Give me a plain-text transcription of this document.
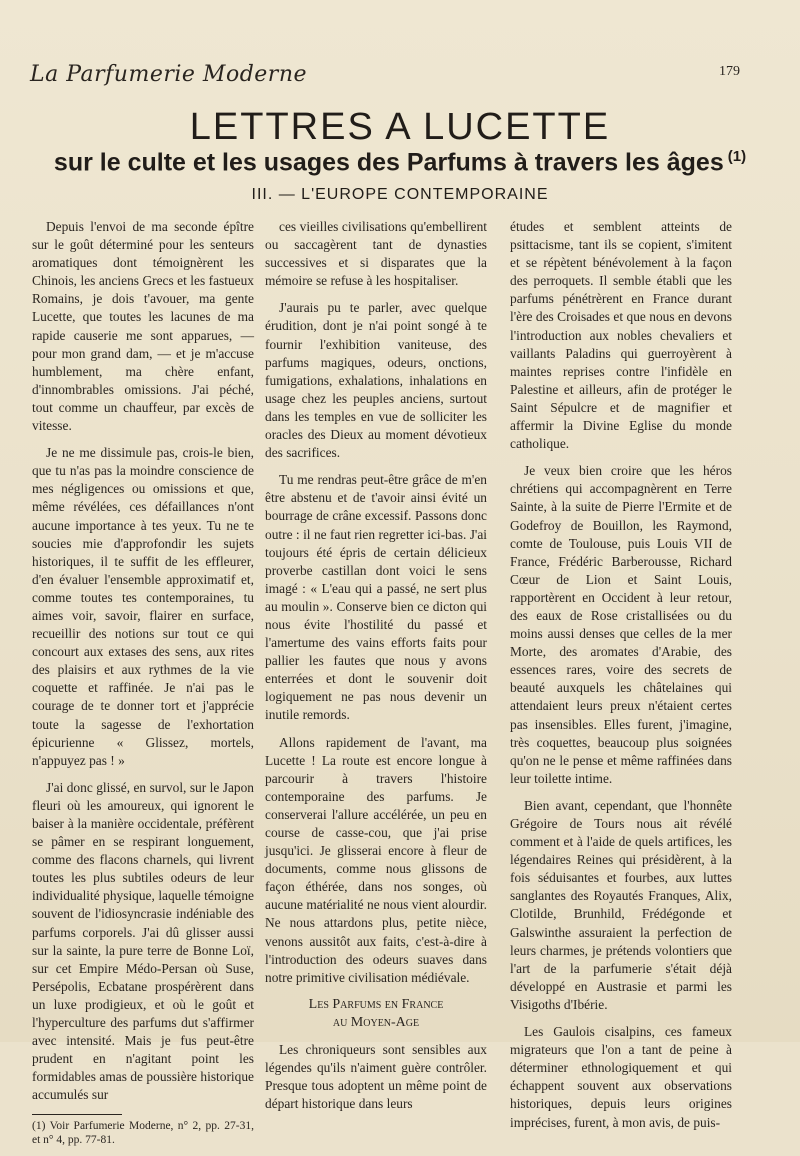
La Parfumerie Moderne	179
LETTRES A LUCETTE
sur le culte et les usages des Parfums à travers les âges $^{(1)}$
III. — L'EUROPE CONTEMPORAINE

Depuis l'envoi de ma seconde épître sur le goût déterminé pour les senteurs aromatiques dont témoignèrent les Chinois, les anciens Grecs et les fastueux Romains, je dois t'avouer, ma gente Lucette, que toutes les lacunes de ma rapide causerie me sont apparues, — pour mon grand dam, — et je m'accuse humblement, ma chère enfant, d'innombrables omissions. J'ai péché, tout comme un chauffeur, par excès de vitesse.

Je ne me dissimule pas, crois-le bien, que tu n'as pas la moindre conscience de mes négligences ou omissions et que, même révélées, ces défaillances n'ont aucune importance à tes yeux. Tu ne te soucies mie d'approfondir les sujets historiques, il te suffit de les effleurer, d'en évaluer l'ensemble approximatif et, comme toutes tes contemporaines, tu aimes voir, savoir, flairer en surface, recueillir des notions sur tout ce qui concourt aux extases des sens, aux rites des plaisirs et aux rythmes de la vie coquette et raffinée. Je n'ai pas le courage de te donner tort et j'apprécie toute la sagesse de l'exhortation épicurienne « Glissez, mortels, n'appuyez pas ! »

J'ai donc glissé, en survol, sur le Japon fleuri où les amoureux, qui ignorent le baiser à la manière occidentale, préfèrent se pâmer en se respirant longuement, comme des flacons charnels, qui livrent toutes les plus subtiles odeurs de leur individualité physique, laquelle témoigne souvent de l'idiosyncrasie indéniable des parfums corporels. J'ai dû glisser aussi sur la sainte, la pure terre de Bonne Loï, sur cet Empire Médo-Persan où Suse, Persépolis, Ecbatane prospérèrent dans un luxe prodigieux, et où le goût et l'hyperculture des parfums dut s'affirmer avec intensité. Mais je fus peut-être prudent en n'agitant point les formidables amas de poussière historique accumulés sur

(1) Voir Parfumerie Moderne, n° 2, pp. 27-31, et n° 4, pp. 77-81.

ces vieilles civilisations qu'embellirent ou saccagèrent tant de dynasties successives et si disparates que la mémoire se refuse à les hospitaliser.

J'aurais pu te parler, avec quelque érudition, dont je n'ai point songé à te fournir l'exhibition vaniteuse, des parfums magiques, odeurs, onctions, fumigations, exhalations, inhalations en usage chez les peuples anciens, surtout dans les temples en vue de solliciter les oracles des Dieux au moment dévotieux des sacrifices.

Tu me rendras peut-être grâce de m'en être abstenu et de t'avoir ainsi évité un bourrage de crâne excessif. Passons donc outre : il ne faut rien regretter ici-bas. J'ai toujours été épris de certain délicieux proverbe castillan dont voici le sens imagé : « L'eau qui a passé, ne sert plus au moulin ». Conserve bien ce dicton qui nous évite l'hostilité du passé et l'amertume des vains efforts faits pour pallier les fautes que nous y avons enterrées et dont le souvenir doit logiquement ne pas nous devenir un inutile remords.

Allons rapidement de l'avant, ma Lucette ! La route est encore longue à parcourir à travers l'histoire contemporaine des parfums. Je conserverai l'allure accélérée, un peu en course de casse-cou, que j'ai prise jusqu'ici. Je glisserai encore à fleur de documents, comme nous glissons de façon éthérée, dans nos songes, où aucune matérialité ne nous vient alourdir. Ne nous attardons plus, petite nièce, venons aussitôt aux faits, c'est-à-dire à l'introduction des odeurs suaves dans notre primitive civilisation médiévale.

Les Parfums en France
au Moyen-Age

Les chroniqueurs sont sensibles aux légendes qu'ils n'aiment guère contrôler. Presque tous adoptent un même point de départ historique dans leurs

études et semblent atteints de psittacisme, tant ils se copient, s'imitent et se répètent bénévolement à la façon des perroquets. Il semble établi que les parfums pénétrèrent en France durant l'ère des Croisades et que nous en devons l'introduction aux nobles chevaliers et vaillants Paladins qui guerroyèrent à maintes reprises contre l'infidèle en Palestine et ailleurs, afin de protéger le Saint Sépulcre et de magnifier et affermir la Divine Eglise du monde catholique.

Je veux bien croire que les héros chrétiens qui accompagnèrent en Terre Sainte, à la suite de Pierre l'Ermite et de Godefroy de Bouillon, les Raymond, comte de Toulouse, puis Louis VII de France, Frédéric Barberousse, Richard Cœur de Lion et Saint Louis, rapportèrent en Occident à leur retour, des eaux de Rose cristallisées ou du moins aussi denses que celles de la mer Morte, des aromates d'Arabie, des essences rares, voire des secrets de beauté auxquels les châtelaines qui attendaient leurs preux n'étaient certes pas insensibles. Elles furent, j'imagine, très coquettes, beaucoup plus soignées qu'on ne le pense et même raffinées dans leur toilette intime.

Bien avant, cependant, que l'honnête Grégoire de Tours nous ait révélé comment et à l'aide de quels artifices, les légendaires Reines qui présidèrent, à la fois séduisantes et fourbes, aux luttes sanglantes des Royautés Franques, Alix, Clotilde, Brunhild, Frédégonde et Galswinthe assuraient la perfection de leurs charmes, je prétends volontiers que l'art de la parfumerie s'était déjà développé en Austrasie et parmi les Visigoths d'Ibérie.

Les Gaulois cisalpins, ces fameux migrateurs que l'on a tant de peine à déterminer ethnologiquement et qui échappent souvent aux observations historiques, depuis leurs origines imprécises, furent, à mon avis, de puis-
